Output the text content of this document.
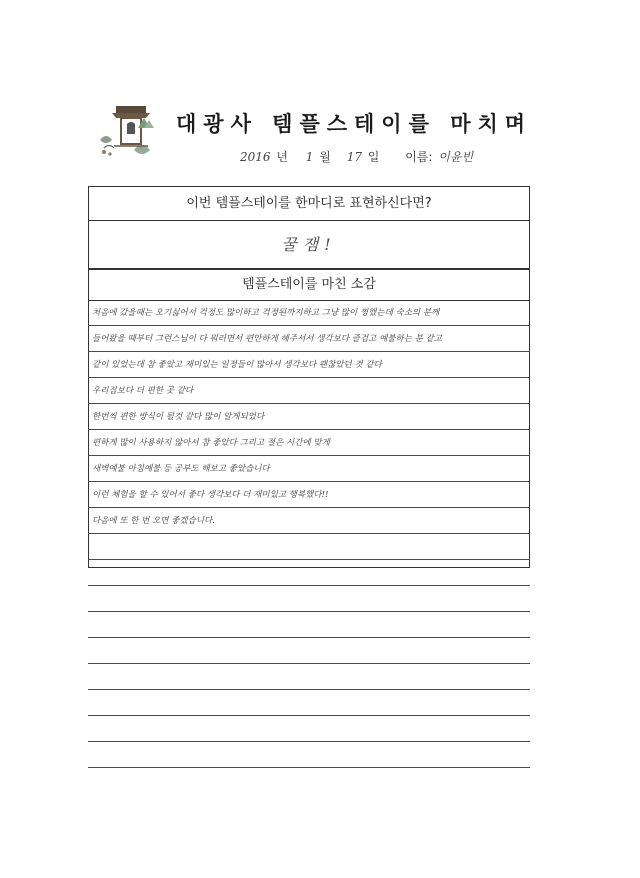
대광사 템플스테이를 마치며
2016 년 1 월 17 일 이름: 이윤빈
이번 템플스테이를 한마디로 표현하신다면?
꿀잼!
템플스테이를 마친 소감
처음에 갔을때는 오기싫어서 걱정도 많이하고 걱정된까지하고 그냥 많이 찡했는데 숙소의 분께
들어왔을 때부터 그런스님이 다 뭐러면서 편안하게 해주셔서 생각보다 즐겁고 예불하는 분 같고
같이 있었는데 참 좋았고 재미있는 일정들이 많아서 생각보다 괜찮았던 것 같다
우리집보다 더 편한 곳 같다
한번씩 편한 방식이 될것 같다 많이 알게되었다
편하게 많이 사용하지 않아서 참 좋았다 그리고 절은 시간에 맞게
새벽예불 아침예불 등 공부도 해보고 좋았습니다
이런 체험을 할 수 있어서 좋다 생각보다 더 재미있고 행복했다!!
다음에 또 한 번 오면 좋겠습니다.
